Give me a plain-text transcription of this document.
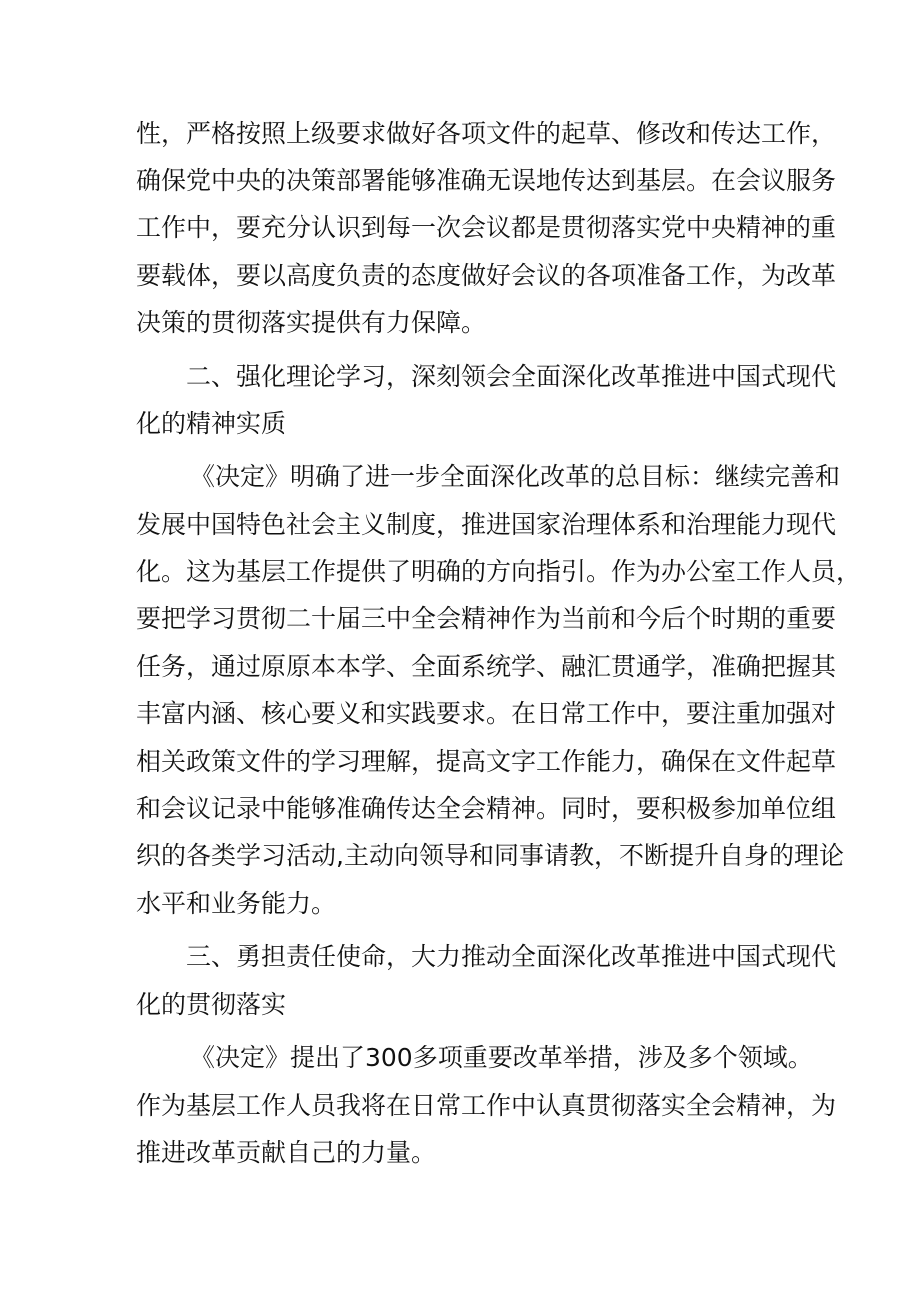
性，严格按照上级要求做好各项文件的起草、修改和传达工作，
确保党中央的决策部署能够准确无误地传达到基层。在会议服务
工作中，要充分认识到每一次会议都是贯彻落实党中央精神的重
要载体，要以高度负责的态度做好会议的各项准备工作，为改革
决策的贯彻落实提供有力保障。
二、强化理论学习，深刻领会全面深化改革推进中国式现代
化的精神实质
《决定》明确了进一步全面深化改革的总目标：继续完善和
发展中国特色社会主义制度，推进国家治理体系和治理能力现代
化。这为基层工作提供了明确的方向指引。作为办公室工作人员，
要把学习贯彻二十届三中全会精神作为当前和今后个时期的重要
任务，通过原原本本学、全面系统学、融汇贯通学，准确把握其
丰富内涵、核心要义和实践要求。在日常工作中，要注重加强对
相关政策文件的学习理解，提高文字工作能力，确保在文件起草
和会议记录中能够准确传达全会精神。同时，要积极参加单位组
织的各类学习活动,主动向领导和同事请教，不断提升自身的理论
水平和业务能力。
三、勇担责任使命，大力推动全面深化改革推进中国式现代
化的贯彻落实
《决定》提出了300多项重要改革举措，涉及多个领域。
作为基层工作人员我将在日常工作中认真贯彻落实全会精神，为
推进改革贡献自己的力量。
